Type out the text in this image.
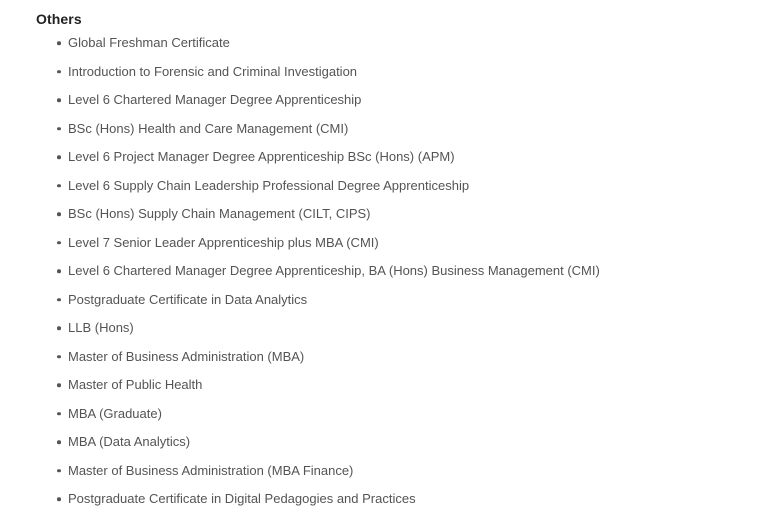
Others
Global Freshman Certificate
Introduction to Forensic and Criminal Investigation
Level 6 Chartered Manager Degree Apprenticeship
BSc (Hons) Health and Care Management (CMI)
Level 6 Project Manager Degree Apprenticeship BSc (Hons) (APM)
Level 6 Supply Chain Leadership Professional Degree Apprenticeship
BSc (Hons) Supply Chain Management (CILT, CIPS)
Level 7 Senior Leader Apprenticeship plus MBA (CMI)
Level 6 Chartered Manager Degree Apprenticeship, BA (Hons) Business Management (CMI)
Postgraduate Certificate in Data Analytics
LLB (Hons)
Master of Business Administration (MBA)
Master of Public Health
MBA (Graduate)
MBA (Data Analytics)
Master of Business Administration (MBA Finance)
Postgraduate Certificate in Digital Pedagogies and Practices
